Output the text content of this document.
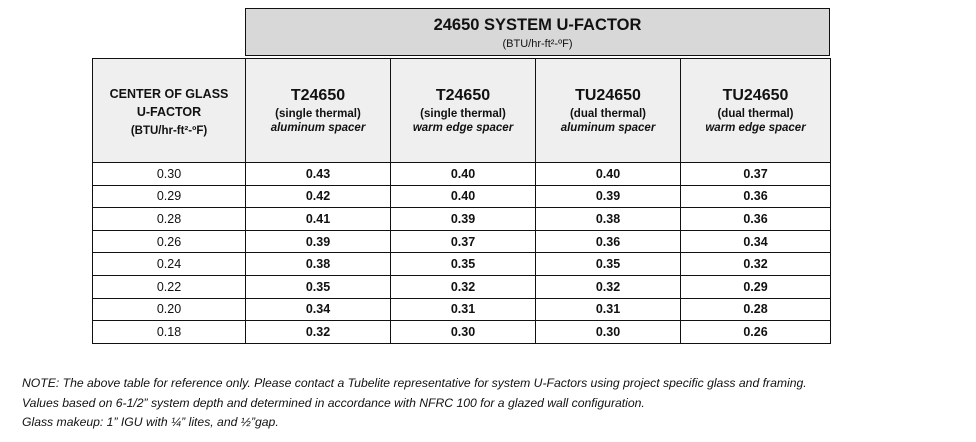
24650 SYSTEM U-FACTOR
(BTU/hr-ft²-ºF)
CENTER OF GLASS
U-FACTOR
(BTU/hr-ft²-ºF)	T24650
(single thermal)
aluminum spacer	T24650
(single thermal)
warm edge spacer	TU24650
(dual thermal)
aluminum spacer	TU24650
(dual thermal)
warm edge spacer

0.30	0.43	0.40	0.40	0.37
0.29	0.42	0.40	0.39	0.36
0.28	0.41	0.39	0.38	0.36
0.26	0.39	0.37	0.36	0.34
0.24	0.38	0.35	0.35	0.32
0.22	0.35	0.32	0.32	0.29
0.20	0.34	0.31	0.31	0.28
0.18	0.32	0.30	0.30	0.26
NOTE: The above table for reference only. Please contact a Tubelite representative for system U-Factors using project specific glass and framing.
Values based on 6-1/2” system depth and determined in accordance with NFRC 100 for a glazed wall configuration.
Glass makeup: 1” IGU with ¼” lites, and ½”gap.
